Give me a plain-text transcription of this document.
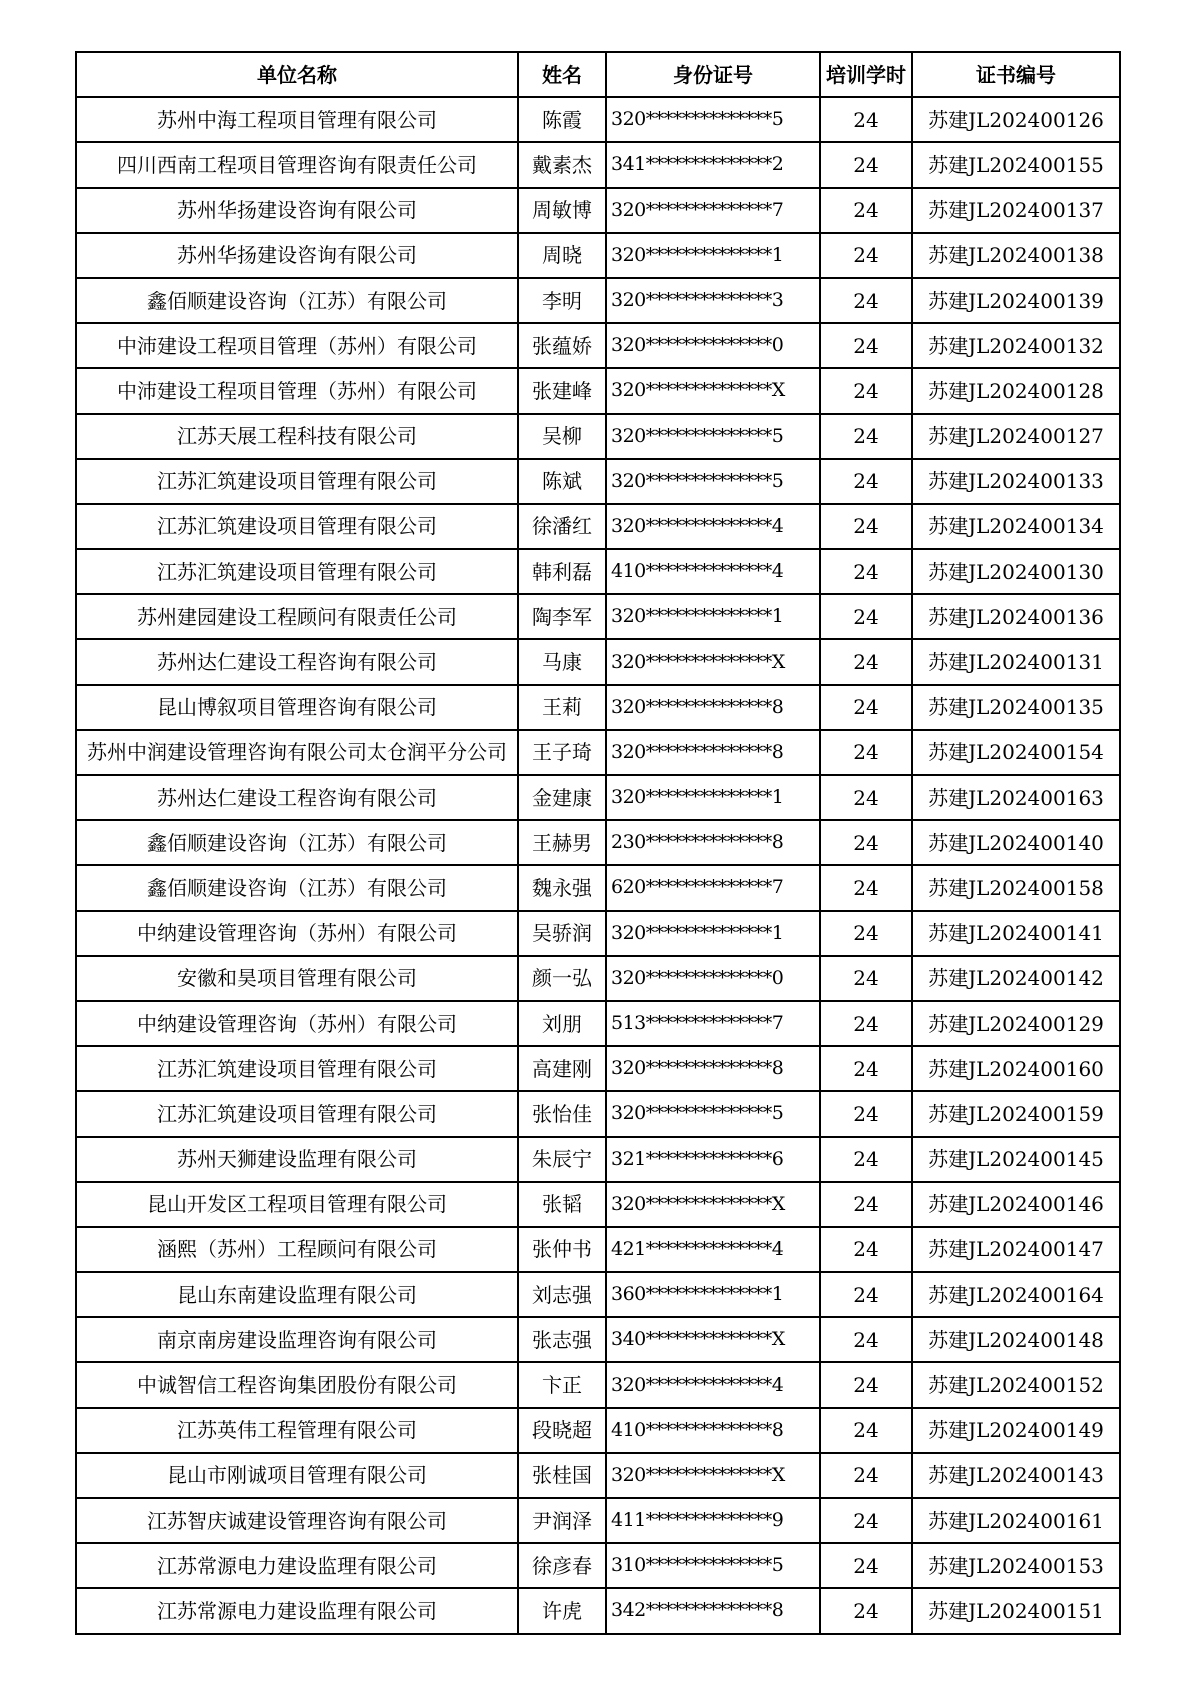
单位名称	姓名	身份证号	培训学时	证书编号
苏州中海工程项目管理有限公司	陈霞	320**************5	24	苏建JL202400126
四川西南工程项目管理咨询有限责任公司	戴素杰	341**************2	24	苏建JL202400155
苏州华扬建设咨询有限公司	周敏博	320**************7	24	苏建JL202400137
苏州华扬建设咨询有限公司	周晓	320**************1	24	苏建JL202400138
鑫佰顺建设咨询（江苏）有限公司	李明	320**************3	24	苏建JL202400139
中沛建设工程项目管理（苏州）有限公司	张蕴娇	320**************0	24	苏建JL202400132
中沛建设工程项目管理（苏州）有限公司	张建峰	320**************X	24	苏建JL202400128
江苏天展工程科技有限公司	吴柳	320**************5	24	苏建JL202400127
江苏汇筑建设项目管理有限公司	陈斌	320**************5	24	苏建JL202400133
江苏汇筑建设项目管理有限公司	徐潘红	320**************4	24	苏建JL202400134
江苏汇筑建设项目管理有限公司	韩利磊	410**************4	24	苏建JL202400130
苏州建园建设工程顾问有限责任公司	陶李军	320**************1	24	苏建JL202400136
苏州达仁建设工程咨询有限公司	马康	320**************X	24	苏建JL202400131
昆山博叙项目管理咨询有限公司	王莉	320**************8	24	苏建JL202400135
苏州中润建设管理咨询有限公司太仓润平分公司	王子琦	320**************8	24	苏建JL202400154
苏州达仁建设工程咨询有限公司	金建康	320**************1	24	苏建JL202400163
鑫佰顺建设咨询（江苏）有限公司	王赫男	230**************8	24	苏建JL202400140
鑫佰顺建设咨询（江苏）有限公司	魏永强	620**************7	24	苏建JL202400158
中纳建设管理咨询（苏州）有限公司	吴骄润	320**************1	24	苏建JL202400141
安徽和昊项目管理有限公司	颜一弘	320**************0	24	苏建JL202400142
中纳建设管理咨询（苏州）有限公司	刘朋	513**************7	24	苏建JL202400129
江苏汇筑建设项目管理有限公司	高建刚	320**************8	24	苏建JL202400160
江苏汇筑建设项目管理有限公司	张怡佳	320**************5	24	苏建JL202400159
苏州天狮建设监理有限公司	朱辰宁	321**************6	24	苏建JL202400145
昆山开发区工程项目管理有限公司	张韬	320**************X	24	苏建JL202400146
涵熙（苏州）工程顾问有限公司	张仲书	421**************4	24	苏建JL202400147
昆山东南建设监理有限公司	刘志强	360**************1	24	苏建JL202400164
南京南房建设监理咨询有限公司	张志强	340**************X	24	苏建JL202400148
中诚智信工程咨询集团股份有限公司	卞正	320**************4	24	苏建JL202400152
江苏英伟工程管理有限公司	段晓超	410**************8	24	苏建JL202400149
昆山市刚诚项目管理有限公司	张桂国	320**************X	24	苏建JL202400143
江苏智庆诚建设管理咨询有限公司	尹润泽	411**************9	24	苏建JL202400161
江苏常源电力建设监理有限公司	徐彦春	310**************5	24	苏建JL202400153
江苏常源电力建设监理有限公司	许虎	342**************8	24	苏建JL202400151
